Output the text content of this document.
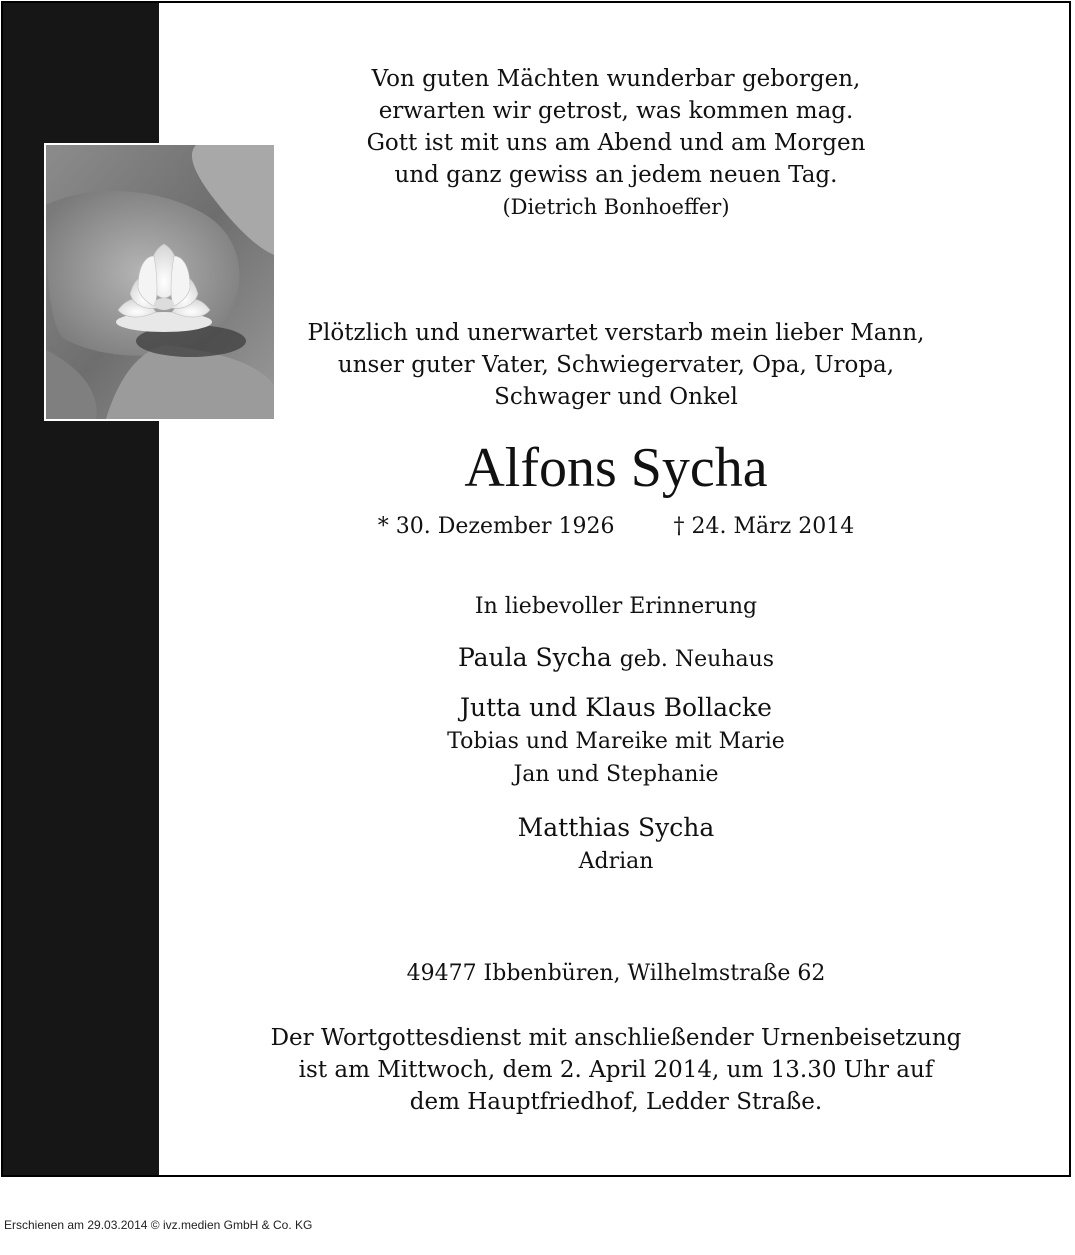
Von guten Mächten wunderbar geborgen,
erwarten wir getrost, was kommen mag.
Gott ist mit uns am Abend und am Morgen
und ganz gewiss an jedem neuen Tag.
(Dietrich Bonhoeffer)
Plötzlich und unerwartet verstarb mein lieber Mann,
unser guter Vater, Schwiegervater, Opa, Uropa,
Schwager und Onkel
Alfons Sycha
* 30. Dezember 1926	† 24. März 2014
In liebevoller Erinnerung
Paula Sycha geb. Neuhaus
Jutta und Klaus Bollacke
Tobias und Mareike mit Marie
Jan und Stephanie
Matthias Sycha
Adrian
49477 Ibbenbüren, Wilhelmstraße 62
Der Wortgottesdienst mit anschließender Urnenbeisetzung
ist am Mittwoch, dem 2. April 2014, um 13.30 Uhr auf
dem Hauptfriedhof, Ledder Straße.
Erschienen am 29.03.2014 © ivz.medien GmbH & Co. KG
